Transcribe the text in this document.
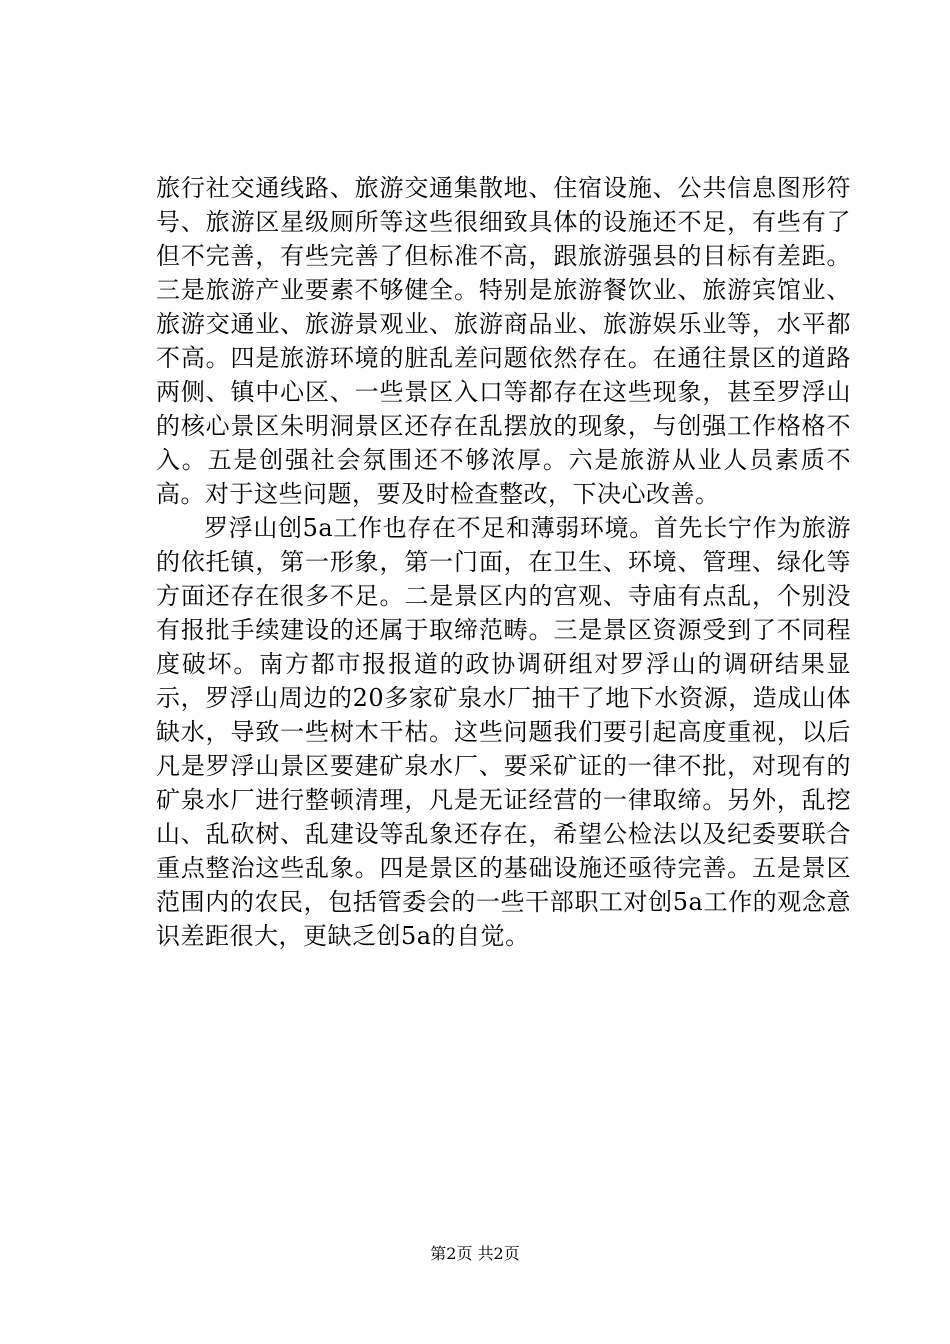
旅行社交通线路、旅游交通集散地、住宿设施、公共信息图形符号、旅游区星级厕所等这些很细致具体的设施还不足，有些有了但不完善，有些完善了但标准不高，跟旅游强县的目标有差距。三是旅游产业要素不够健全。特别是旅游餐饮业、旅游宾馆业、旅游交通业、旅游景观业、旅游商品业、旅游娱乐业等，水平都不高。四是旅游环境的脏乱差问题依然存在。在通往景区的道路两侧、镇中心区、一些景区入口等都存在这些现象，甚至罗浮山的核心景区朱明洞景区还存在乱摆放的现象，与创强工作格格不入。五是创强社会氛围还不够浓厚。六是旅游从业人员素质不高。对于这些问题，要及时检查整改，下决心改善。

罗浮山创5a工作也存在不足和薄弱环境。首先长宁作为旅游的依托镇，第一形象，第一门面，在卫生、环境、管理、绿化等方面还存在很多不足。二是景区内的宫观、寺庙有点乱，个别没有报批手续建设的还属于取缔范畴。三是景区资源受到了不同程度破坏。南方都市报报道的政协调研组对罗浮山的调研结果显示，罗浮山周边的20多家矿泉水厂抽干了地下水资源，造成山体缺水，导致一些树木干枯。这些问题我们要引起高度重视，以后凡是罗浮山景区要建矿泉水厂、要采矿证的一律不批，对现有的矿泉水厂进行整顿清理，凡是无证经营的一律取缔。另外，乱挖山、乱砍树、乱建设等乱象还存在，希望公检法以及纪委要联合重点整治这些乱象。四是景区的基础设施还亟待完善。五是景区范围内的农民，包括管委会的一些干部职工对创5a工作的观念意识差距很大，更缺乏创5a的自觉。

第2页 共2页
